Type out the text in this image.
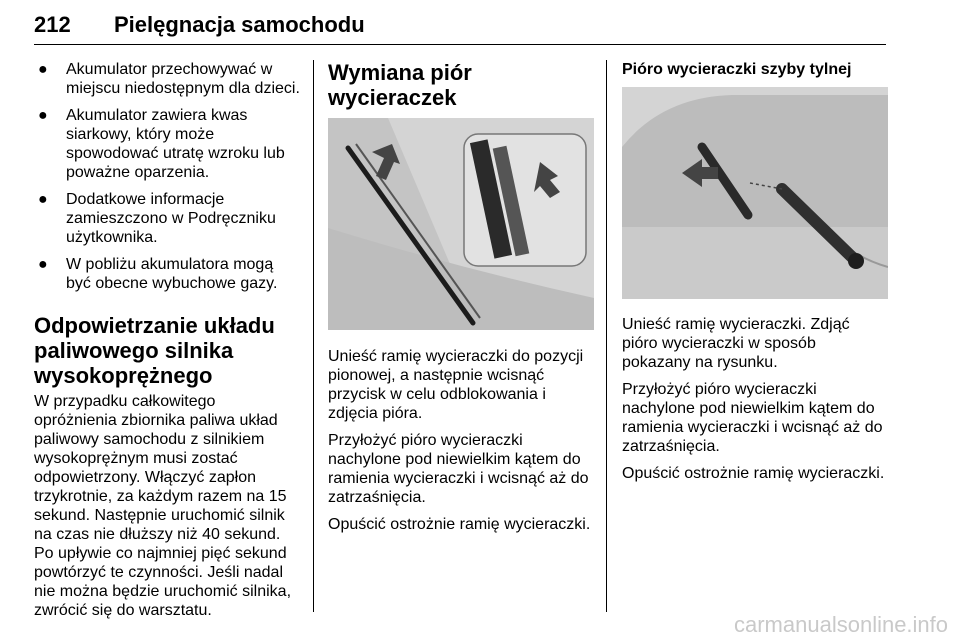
212 Pielęgnacja samochodu
● Akumulator przechowywać w miejscu niedostępnym dla dzieci.
● Akumulator zawiera kwas siarkowy, który może spowodować utratę wzroku lub poważne oparzenia.
● Dodatkowe informacje zamieszczono w Podręczniku użytkownika.
● W pobliżu akumulatora mogą być obecne wybuchowe gazy.
Odpowietrzanie układu paliwowego silnika wysokoprężnego

W przypadku całkowitego opróżnienia zbiornika paliwa układ paliwowy samochodu z silnikiem wysokoprężnym musi zostać odpowietrzony. Włączyć zapłon trzykrotnie, za każdym razem na 15 sekund. Następnie uruchomić silnik na czas nie dłuższy niż 40 sekund. Po upływie co najmniej pięć sekund powtórzyć te czynności. Jeśli nadal nie można będzie uruchomić silnika, zwrócić się do warsztatu.

Wymiana piór wycieraczek

Unieść ramię wycieraczki do pozycji pionowej, a następnie wcisnąć przycisk w celu odblokowania i zdjęcia pióra.

Przyłożyć pióro wycieraczki nachylone pod niewielkim kątem do ramienia wycieraczki i wcisnąć aż do zatrzaśnięcia.

Opuścić ostrożnie ramię wycieraczki.

Pióro wycieraczki szyby tylnej

Unieść ramię wycieraczki. Zdjąć pióro wycieraczki w sposób pokazany na rysunku.

Przyłożyć pióro wycieraczki nachylone pod niewielkim kątem do ramienia wycieraczki i wcisnąć aż do zatrzaśnięcia.

Opuścić ostrożnie ramię wycieraczki.

carmanualsonline.info
